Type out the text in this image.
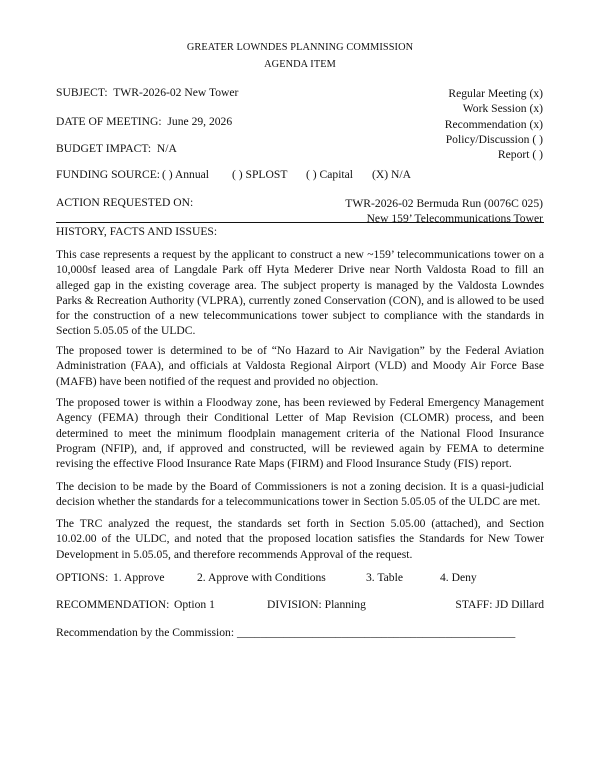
GREATER LOWNDES PLANNING COMMISSION
AGENDA ITEM
SUBJECT: TWR-2026-02 New Tower
DATE OF MEETING: June 29, 2026
BUDGET IMPACT: N/A
Regular Meeting (x)
Work Session (x)
Recommendation (x)
Policy/Discussion ( )
Report ( )
FUNDING SOURCE: ( ) Annual ( ) SPLOST ( ) Capital (X) N/A
ACTION REQUESTED ON:	TWR-2026-02 Bermuda Run (0076C 025)
New 159’ Telecommunications Tower
HISTORY, FACTS AND ISSUES:

This case represents a request by the applicant to construct a new ~159’ telecommunications tower on a 10,000sf leased area of Langdale Park off Hyta Mederer Drive near North Valdosta Road to fill an alleged gap in the existing coverage area. The subject property is managed by the Valdosta Lowndes Parks & Recreation Authority (VLPRA), currently zoned Conservation (CON), and is allowed to be used for the construction of a new telecommunications tower subject to compliance with the standards in Section 5.05.05 of the ULDC.

The proposed tower is determined to be of “No Hazard to Air Navigation” by the Federal Aviation Administration (FAA), and officials at Valdosta Regional Airport (VLD) and Moody Air Force Base (MAFB) have been notified of the request and provided no objection.

The proposed tower is within a Floodway zone, has been reviewed by Federal Emergency Management Agency (FEMA) through their Conditional Letter of Map Revision (CLOMR) process, and been determined to meet the minimum floodplain management criteria of the National Flood Insurance Program (NFIP), and, if approved and constructed, will be reviewed again by FEMA to determine revising the effective Flood Insurance Rate Maps (FIRM) and Flood Insurance Study (FIS) report.

The decision to be made by the Board of Commissioners is not a zoning decision. It is a quasi-judicial decision whether the standards for a telecommunications tower in Section 5.05.05 of the ULDC are met.

The TRC analyzed the request, the standards set forth in Section 5.05.00 (attached), and Section 10.02.00 of the ULDC, and noted that the proposed location satisfies the Standards for New Tower Development in 5.05.05, and therefore recommends Approval of the request.

OPTIONS: 1. Approve	2. Approve with Conditions	3. Table	4. Deny
RECOMMENDATION: Option 1	DIVISION: Planning	STAFF: JD Dillard
Recommendation by the Commission: ________________________________________________
